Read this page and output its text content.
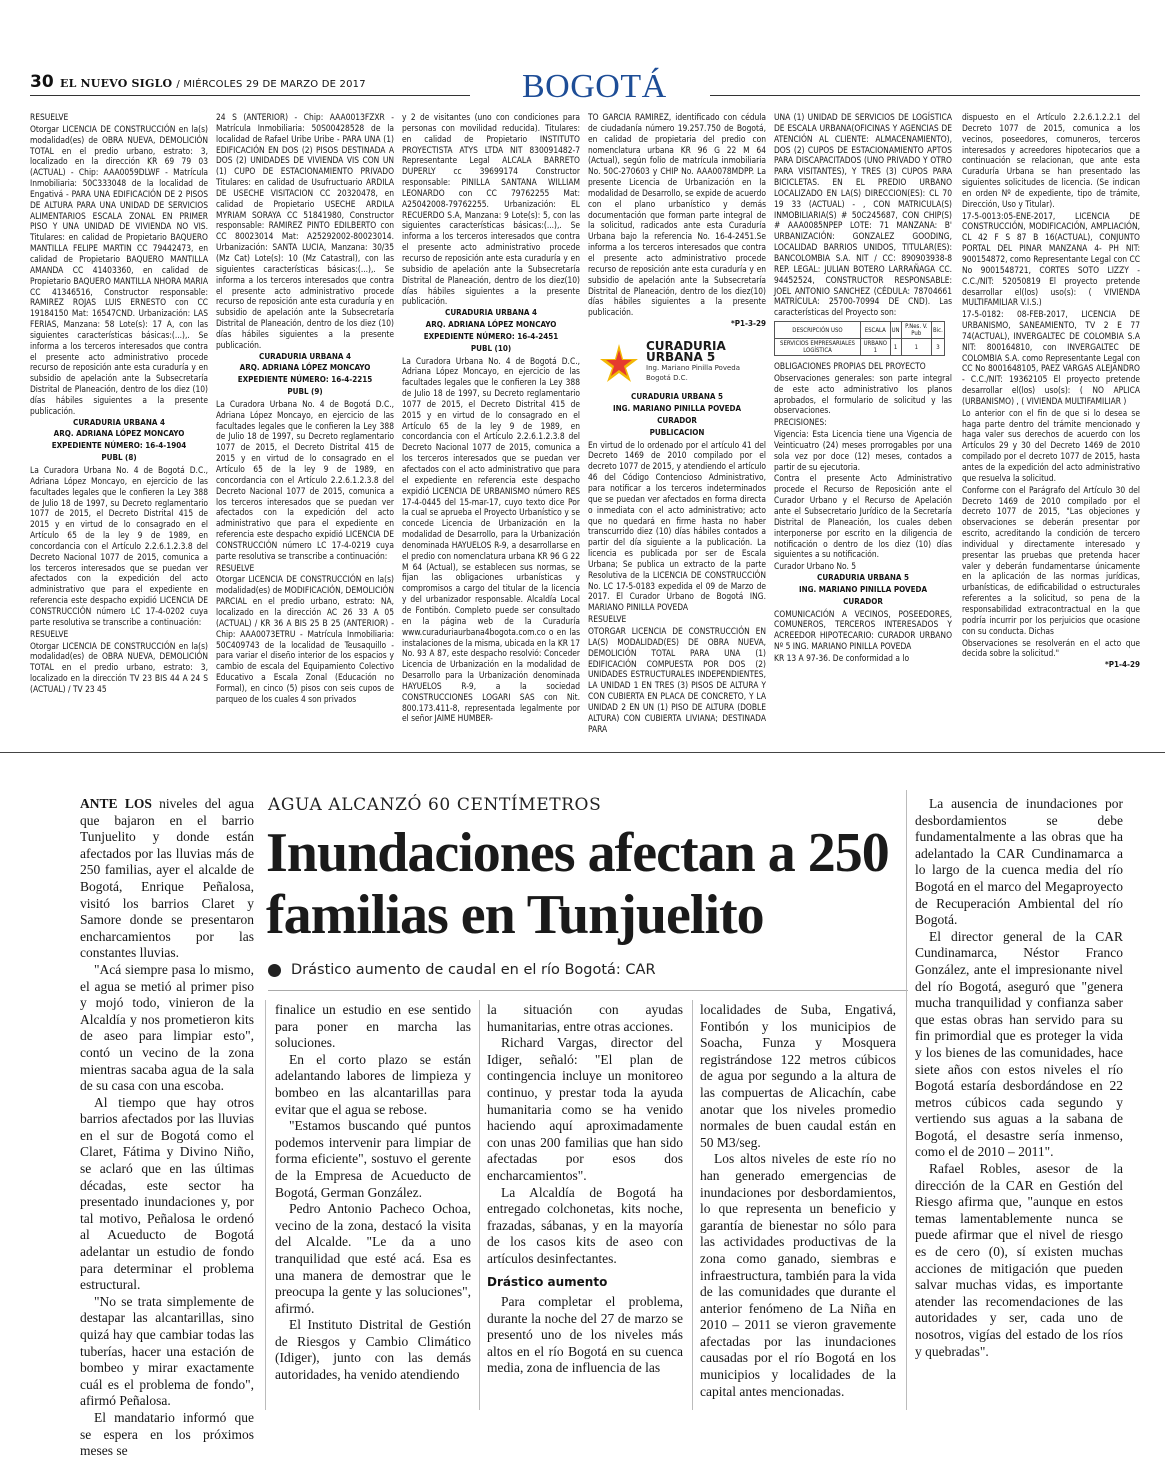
30 EL NUEVO SIGLO / MIÉRCOLES 29 DE MARZO DE 2017	BOGOTÁ

RESUELVE

Otorgar LICENCIA DE CONSTRUCCIÓN en la(s) modalidad(es) de OBRA NUEVA, DEMOLICIÓN TOTAL en el predio urbano, estrato: 3, localizado en la dirección KR 69 79 03 (ACTUAL) - Chip: AAA0059DLWF - Matrícula Inmobiliaria: 50C333048 de la localidad de Engativá - PARA UNA EDIFICACIÓN DE 2 PISOS DE ALTURA PARA UNA UNIDAD DE SERVICIOS ALIMENTARIOS ESCALA ZONAL EN PRIMER PISO Y UNA UNIDAD DE VIVIENDA NO VIS. Titulares: en calidad de Propietario BAQUERO MANTILLA FELIPE MARTIN CC 79442473, en calidad de Propietario BAQUERO MANTILLA AMANDA CC 41403360, en calidad de Propietario BAQUERO MANTILLA NHORA MARIA CC 41346516, Constructor responsable: RAMIREZ ROJAS LUIS ERNESTO con CC 19184150 Mat: 16547CND. Urbanización: LAS FERIAS, Manzana: 58 Lote(s): 17 A, con las siguientes características básicas:(...),. Se informa a los terceros interesados que contra el presente acto administrativo procede recurso de reposición ante esta curaduría y en subsidio de apelación ante la Subsecretaría Distrital de Planeación, dentro de los diez (10) días hábiles siguientes a la presente publicación.

CURADURIA URBANA 4

ARQ. ADRIANA LÓPEZ MONCAYO

EXPEDIENTE NÚMERO: 16-4-1904

PUBL (8)

La Curadora Urbana No. 4 de Bogotá D.C., Adriana López Moncayo, en ejercicio de las facultades legales que le confieren la Ley 388 de Julio 18 de 1997, su Decreto reglamentario 1077 de 2015, el Decreto Distrital 415 de 2015 y en virtud de lo consagrado en el Artículo 65 de la ley 9 de 1989, en concordancia con el Artículo 2.2.6.1.2.3.8 del Decreto Nacional 1077 de 2015, comunica a los terceros interesados que se puedan ver afectados con la expedición del acto administrativo que para el expediente en referencia este despacho expidió LICENCIA DE CONSTRUCCIÓN número LC 17-4-0202 cuya parte resolutiva se transcribe a continuación:

RESUELVE

Otorgar LICENCIA DE CONSTRUCCIÓN en la(s) modalidad(es) de OBRA NUEVA, DEMOLICIÓN TOTAL en el predio urbano, estrato: 3, localizado en la dirección TV 23 BIS 44 A 24 S (ACTUAL) / TV 23 45

24 S (ANTERIOR) - Chip: AAA0013FZXR - Matrícula Inmobiliaria: 50S00428528 de la localidad de Rafael Uribe Uribe - PARA UNA (1) EDIFICACIÓN EN DOS (2) PISOS DESTINADA A DOS (2) UNIDADES DE VIVIENDA VIS CON UN (1) CUPO DE ESTACIONAMIENTO PRIVADO Titulares: en calidad de Usufructuario ARDILA DE USECHE VISITACION CC 20320478, en calidad de Propietario USECHE ARDILA MYRIAM SORAYA CC 51841980, Constructor responsable: RAMIREZ PINTO EDILBERTO con CC 80023014 Mat: A25292002-80023014. Urbanización: SANTA LUCIA, Manzana: 30/35 (Mz Cat) Lote(s): 10 (Mz Catastral), con las siguientes características básicas:(...),. Se informa a los terceros interesados que contra el presente acto administrativo procede recurso de reposición ante esta curaduría y en subsidio de apelación ante la Subsecretaría Distrital de Planeación, dentro de los diez (10) días hábiles siguientes a la presente publicación.

CURADURIA URBANA 4

ARQ. ADRIANA LÓPEZ MONCAYO

EXPEDIENTE NÚMERO: 16-4-2215

PUBL (9)

La Curadora Urbana No. 4 de Bogotá D.C., Adriana López Moncayo, en ejercicio de las facultades legales que le confieren la Ley 388 de Julio 18 de 1997, su Decreto reglamentario 1077 de 2015, el Decreto Distrital 415 de 2015 y en virtud de lo consagrado en el Artículo 65 de la ley 9 de 1989, en concordancia con el Artículo 2.2.6.1.2.3.8 del Decreto Nacional 1077 de 2015, comunica a los terceros interesados que se puedan ver afectados con la expedición del acto administrativo que para el expediente en referencia este despacho expidió LICENCIA DE CONSTRUCCIÓN número LC 17-4-0219 cuya parte resolutiva se transcribe a continuación:

RESUELVE

Otorgar LICENCIA DE CONSTRUCCIÓN en la(s) modalidad(es) de MODIFICACIÓN, DEMOLICIÓN PARCIAL en el predio urbano, estrato: NA, localizado en la dirección AC 26 33 A 05 (ACTUAL) / KR 36 A BIS 25 B 25 (ANTERIOR) - Chip: AAA0073ETRU - Matrícula Inmobiliaria: 50C409743 de la localidad de Teusaquillo - para variar el diseño interior de los espacios y cambio de escala del Equipamiento Colectivo Educativo a Escala Zonal (Educación no Formal), en cinco (5) pisos con seis cupos de parqueo de los cuales 4 son privados

y 2 de visitantes (uno con condiciones para personas con movilidad reducida). Titulares: en calidad de Propietario INSTITUTO PROYECTISTA ATYS LTDA NIT 830091482-7 Representante Legal ALCALA BARRETO DUPERLY cc 39699174 Constructor responsable: PINILLA SANTANA WILLIAM LEONARDO con CC 79762255 Mat: A25042008-79762255. Urbanización: EL RECUERDO S.A, Manzana: 9 Lote(s): 5, con las siguientes características básicas:(...),. Se informa a los terceros interesados que contra el presente acto administrativo procede recurso de reposición ante esta curaduría y en subsidio de apelación ante la Subsecretaría Distrital de Planeación, dentro de los diez(10) días hábiles siguientes a la presente publicación.

CURADURIA URBANA 4

ARQ. ADRIANA LÓPEZ MONCAYO

EXPEDIENTE NÚMERO: 16-4-2451

PUBL (10)

La Curadora Urbana No. 4 de Bogotá D.C., Adriana López Moncayo, en ejercicio de las facultades legales que le confieren la Ley 388 de Julio 18 de 1997, su Decreto reglamentario 1077 de 2015, el Decreto Distrital 415 de 2015 y en virtud de lo consagrado en el Artículo 65 de la ley 9 de 1989, en concordancia con el Artículo 2.2.6.1.2.3.8 del Decreto Nacional 1077 de 2015, comunica a los terceros interesados que se puedan ver afectados con el acto administrativo que para el expediente en referencia este despacho expidió LICENCIA DE URBANISMO número RES 17-4-0445 del 15-mar-17, cuyo texto dice Por la cual se aprueba el Proyecto Urbanístico y se concede Licencia de Urbanización en la modalidad de Desarrollo, para la Urbanización denominada HAYUELOS R-9, a desarrollarse en el predio con nomenclatura urbana KR 96 G 22 M 64 (Actual), se establecen sus normas, se fijan las obligaciones urbanísticas y compromisos a cargo del titular de la licencia y del urbanizador responsable. Alcaldía Local de Fontibón. Completo puede ser consultado en la página web de la Curaduría www.curaduriaurbana4bogota.com.co o en las instalaciones de la misma, ubicada en la KR 17 No. 93 A 87, este despacho resolvió: Conceder Licencia de Urbanización en la modalidad de Desarrollo para la Urbanización denominada HAYUELOS R-9, a la sociedad CONSTRUCCIONES LOGARI SAS con Nit. 800.173.411-8, representada legalmente por el señor JAIME HUMBER-

TO GARCIA RAMIREZ, identificado con cédula de ciudadanía número 19.257.750 de Bogotá, en calidad de propietaria del predio con nomenclatura urbana KR 96 G 22 M 64 (Actual), según folio de matrícula inmobiliaria No. 50C-270603 y CHIP No. AAA0078MDPP. La presente Licencia de Urbanización en la modalidad de Desarrollo, se expide de acuerdo con el plano urbanístico y demás documentación que forman parte integral de la solicitud, radicados ante esta Curaduría Urbana bajo la referencia No. 16-4-2451.Se informa a los terceros interesados que contra el presente acto administrativo procede recurso de reposición ante esta curaduría y en subsidio de apelación ante la Subsecretaría Distrital de Planeación, dentro de los diez(10) días hábiles siguientes a la presente publicación.

*P1-3-29

CURADURIA URBANA 5
Ing. Mariano Pinilla Poveda
Bogotá D.C.

CURADURIA URBANA 5

ING. MARIANO PINILLA POVEDA

CURADOR

PUBLICACION

En virtud de lo ordenado por el artículo 41 del Decreto 1469 de 2010 compilado por el decreto 1077 de 2015, y atendiendo el artículo 46 del Código Contencioso Administrativo, para notificar a los terceros indeterminados que se puedan ver afectados en forma directa o inmediata con el acto administrativo; acto que no quedará en firme hasta no haber transcurrido diez (10) días hábiles contados a partir del día siguiente a la publicación. La licencia es publicada por ser de Escala Urbana; Se publica un extracto de la parte Resolutiva de la LICENCIA DE CONSTRUCCIÓN No. LC 17-5-0183 expedida el 09 de Marzo de 2017. El Curador Urbano de Bogotá ING. MARIANO PINILLA POVEDA

RESUELVE

OTORGAR LICENCIA DE CONSTRUCCIÓN EN LA(S) MODALIDAD(ES) DE OBRA NUEVA, DEMOLICIÓN TOTAL PARA UNA (1) EDIFICACIÓN COMPUESTA POR DOS (2) UNIDADES ESTRUCTURALES INDEPENDIENTES, LA UNIDAD 1 EN TRES (3) PISOS DE ALTURA Y CON CUBIERTA EN PLACA DE CONCRETO, Y LA UNIDAD 2 EN UN (1) PISO DE ALTURA (DOBLE ALTURA) CON CUBIERTA LIVIANA; DESTINADA PARA

UNA (1) UNIDAD DE SERVICIOS DE LOGÍSTICA DE ESCALA URBANA(OFICINAS Y AGENCIAS DE ATENCIÓN AL CLIENTE: ALMACENAMIENTO), DOS (2) CUPOS DE ESTACIONAMIENTO APTOS PARA DISCAPACITADOS (UNO PRIVADO Y OTRO PARA VISITANTES), Y TRES (3) CUPOS PARA BICICLETAS. EN EL PREDIO URBANO LOCALIZADO EN LA(S) DIRECCION(ES): CL 70 19 33 (ACTUAL) - , CON MATRICULA(S) INMOBILIARIA(S) # 50C245687, CON CHIP(S) # AAA0085NPEP LOTE: 71 MANZANA: B' URBANIZACIÓN: GONZALEZ GOODING, LOCALIDAD BARRIOS UNIDOS, TITULAR(ES): BANCOLOMBIA S.A. NIT / CC: 890903938-8 REP. LEGAL: JULIAN BOTERO LARRAÑAGA CC. 94452524, CONSTRUCTOR RESPONSABLE: JOEL ANTONIO SANCHEZ (CÉDULA: 78704661 MATRÍCULA: 25700-70994 DE CND). Las características del Proyecto son:

DESCRIPCIÓN USO	ESCALA	UN	P.Nes. V. Pub	Bic.
SERVICIOS EMPRESARIALES LOGÍSTICA	URBANO 1	1	1	3

OBLIGACIONES PROPIAS DEL PROYECTO

Observaciones generales: son parte integral de este acto administrativo los planos aprobados, el formulario de solicitud y las observaciones.

PRECISIONES:

Vigencia: Esta Licencia tiene una Vigencia de Veinticuatro (24) meses prorrogables por una sola vez por doce (12) meses, contados a partir de su ejecutoria.

Contra el presente Acto Administrativo procede el Recurso de Reposición ante el Curador Urbano y el Recurso de Apelación ante el Subsecretario Jurídico de la Secretaría Distrital de Planeación, los cuales deben interponerse por escrito en la diligencia de notificación o dentro de los diez (10) días siguientes a su notificación.

Curador Urbano No. 5

CURADURIA URBANA 5

ING. MARIANO PINILLA POVEDA

CURADOR

COMUNICACIÓN A VECINOS, POSEEDORES, COMUNEROS, TERCEROS INTERESADOS Y ACREEDOR HIPOTECARIO: CURADOR URBANO Nº 5 ING. MARIANO PINILLA POVEDA

KR 13 A 97-36. De conformidad a lo

dispuesto en el Artículo 2.2.6.1.2.2.1 del Decreto 1077 de 2015, comunica a los vecinos, poseedores, comuneros, terceros interesados y acreedores hipotecarios que a continuación se relacionan, que ante esta Curaduría Urbana se han presentado las siguientes solicitudes de licencia. (Se indican en orden Nº de expediente, tipo de trámite, Dirección, Uso y Titular).

17-5-0013:05-ENE-2017, LICENCIA DE CONSTRUCCIÓN, MODIFICACIÓN, AMPLIACIÓN, CL 42 F S 87 B 16(ACTUAL), CONJUNTO PORTAL DEL PINAR MANZANA 4- PH NIT: 900154872, como Representante Legal con CC No 9001548721, CORTES SOTO LIZZY - C.C./NIT: 52050819 El proyecto pretende desarrollar el(los) uso(s): ( VIVIENDA MULTIFAMILIAR V.I.S.)

17-5-0182: 08-FEB-2017, LICENCIA DE URBANISMO, SANEAMIENTO, TV 2 E 77 74(ACTUAL), INVERGALTEC DE COLOMBIA S.A NIT: 800164810, con INVERGALTEC DE COLOMBIA S.A. como Representante Legal con CC No 8001648105, PAEZ VARGAS ALEJANDRO - C.C./NIT: 19362105 El proyecto pretende desarrollar el(los) uso(s): ( NO APLICA (URBANISMO) , ( VIVIENDA MULTIFAMILIAR )

Lo anterior con el fin de que si lo desea se haga parte dentro del trámite mencionado y haga valer sus derechos de acuerdo con los Artículos 29 y 30 del Decreto 1469 de 2010 compilado por el decreto 1077 de 2015, hasta antes de la expedición del acto administrativo que resuelva la solicitud.

Conforme con el Parágrafo del Artículo 30 del Decreto 1469 de 2010 compilado por el decreto 1077 de 2015, "Las objeciones y observaciones se deberán presentar por escrito, acreditando la condición de tercero individual y directamente interesado y presentar las pruebas que pretenda hacer valer y deberán fundamentarse únicamente en la aplicación de las normas jurídicas, urbanísticas, de edificabilidad o estructurales referentes a la solicitud, so pena de la responsabilidad extracontractual en la que podría incurrir por los perjuicios que ocasione con su conducta. Dichas

Observaciones se resolverán en el acto que decida sobre la solicitud."

*P1-4-29

AGUA ALCANZÓ 60 CENTÍMETROS
Inundaciones afectan a 250 familias en Tunjuelito
Drástico aumento de caudal en el río Bogotá: CAR

ANTE LOS niveles del agua que bajaron en el barrio Tunjuelito y donde están afectados por las lluvias más de 250 familias, ayer el alcalde de Bogotá, Enrique Peñalosa, visitó los barrios Claret y Samore donde se presentaron encharcamientos por las constantes lluvias.

"Acá siempre pasa lo mismo, el agua se metió al primer piso y mojó todo, vinieron de la Alcaldía y nos prometieron kits de aseo para limpiar esto", contó un vecino de la zona mientras sacaba agua de la sala de su casa con una escoba.

Al tiempo que hay otros barrios afectados por las lluvias en el sur de Bogotá como el Claret, Fátima y Divino Niño, se aclaró que en las últimas décadas, este sector ha presentado inundaciones y, por tal motivo, Peñalosa le ordenó al Acueducto de Bogotá adelantar un estudio de fondo para determinar el problema estructural.

"No se trata simplemente de destapar las alcantarillas, sino quizá hay que cambiar todas las tuberías, hacer una estación de bombeo y mirar exactamente cuál es el problema de fondo", afirmó Peñalosa.

El mandatario informó que se espera en los próximos meses se

finalice un estudio en ese sentido para poner en marcha las soluciones.

En el corto plazo se están adelantando labores de limpieza y bombeo en las alcantarillas para evitar que el agua se rebose.

"Estamos buscando qué puntos podemos intervenir para limpiar de forma eficiente", sostuvo el gerente de la Empresa de Acueducto de Bogotá, German González.

Pedro Antonio Pacheco Ochoa, vecino de la zona, destacó la visita del Alcalde. "Le da a uno tranquilidad que esté acá. Esa es una manera de demostrar que le preocupa la gente y las soluciones", afirmó.

El Instituto Distrital de Gestión de Riesgos y Cambio Climático (Idiger), junto con las demás autoridades, ha venido atendiendo

la situación con ayudas humanitarias, entre otras acciones.

Richard Vargas, director del Idiger, señaló: "El plan de contingencia incluye un monitoreo continuo, y prestar toda la ayuda humanitaria como se ha venido haciendo aquí aproximadamente con unas 200 familias que han sido afectadas por esos dos encharcamientos".

La Alcaldía de Bogotá ha entregado colchonetas, kits noche, frazadas, sábanas, y en la mayoría de los casos kits de aseo con artículos desinfectantes.

Drástico aumento

Para completar el problema, durante la noche del 27 de marzo se presentó uno de los niveles más altos en el río Bogotá en su cuenca media, zona de influencia de las

localidades de Suba, Engativá, Fontibón y los municipios de Soacha, Funza y Mosquera registrándose 122 metros cúbicos de agua por segundo a la altura de las compuertas de Alicachín, cabe anotar que los niveles promedio normales de buen caudal están en 50 M3/seg.

Los altos niveles de este río no han generado emergencias de inundaciones por desbordamientos, lo que representa un beneficio y garantía de bienestar no sólo para las actividades productivas de la zona como ganado, siembras e infraestructura, también para la vida de las comunidades que durante el anterior fenómeno de La Niña en 2010 – 2011 se vieron gravemente afectadas por las inundaciones causadas por el río Bogotá en los municipios y localidades de la capital antes mencionadas.

La ausencia de inundaciones por desbordamientos se debe fundamentalmente a las obras que ha adelantado la CAR Cundinamarca a lo largo de la cuenca media del río Bogotá en el marco del Megaproyecto de Recuperación Ambiental del río Bogotá.

El director general de la CAR Cundinamarca, Néstor Franco González, ante el impresionante nivel del río Bogotá, aseguró que "genera mucha tranquilidad y confianza saber que estas obras han servido para su fin primordial que es proteger la vida y los bienes de las comunidades, hace siete años con estos niveles el río Bogotá estaría desbordándose en 22 metros cúbicos cada segundo y vertiendo sus aguas a la sabana de Bogotá, el desastre sería inmenso, como el de 2010 – 2011".

Rafael Robles, asesor de la dirección de la CAR en Gestión del Riesgo afirma que, "aunque en estos temas lamentablemente nunca se puede afirmar que el nivel de riesgo es de cero (0), sí existen muchas acciones de mitigación que pueden salvar muchas vidas, es importante atender las recomendaciones de las autoridades y ser, cada uno de nosotros, vigías del estado de los ríos y quebradas".
